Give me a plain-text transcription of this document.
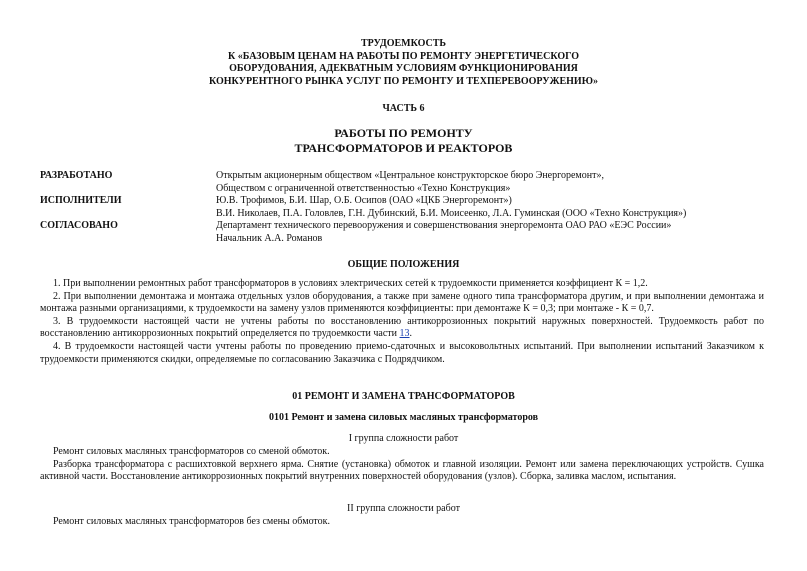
ТРУДОЕМКОСТЬ
К «БАЗОВЫМ ЦЕНАМ НА РАБОТЫ ПО РЕМОНТУ ЭНЕРГЕТИЧЕСКОГО
ОБОРУДОВАНИЯ, АДЕКВАТНЫМ УСЛОВИЯМ ФУНКЦИОНИРОВАНИЯ
КОНКУРЕНТНОГО РЫНКА УСЛУГ ПО РЕМОНТУ И ТЕХПЕРЕВООРУЖЕНИЮ»
ЧАСТЬ 6
РАБОТЫ ПО РЕМОНТУ
ТРАНСФОРМАТОРОВ И РЕАКТОРОВ
РАЗРАБОТАНО	Открытым акционерным обществом «Центральное конструкторское бюро Энергоремонт»,
Обществом с ограниченной ответственностью «Техно Конструкция»
ИСПОЛНИТЕЛИ	Ю.В. Трофимов, Б.И. Шар, О.Б. Осипов (ОАО «ЦКБ Энергоремонт»)
В.И. Николаев, П.А. Головлев, Г.Н. Дубинский, Б.И. Моисеенко, Л.А. Гуминская (ООО «Техно Конструкция»)
СОГЛАСОВАНО	Департамент технического перевооружения и совершенствования энергоремонта ОАО РАО «ЕЭС России»
Начальник А.А. Романов
ОБЩИЕ ПОЛОЖЕНИЯ

1. При выполнении ремонтных работ трансформаторов в условиях электрических сетей к трудоемкости применяется коэффициент К = 1,2.

2. При выполнении демонтажа и монтажа отдельных узлов оборудования, а также при замене одного типа трансформатора другим, и при выполнении демонтажа и монтажа разными организациями, к трудоемкости на замену узлов применяются коэффициенты: при демонтаже К = 0,3; при монтаже - К = 0,7.

3. В трудоемкости настоящей части не учтены работы по восстановлению антикоррозионных покрытий наружных поверхностей. Трудоемкость работ по восстановлению антикоррозионных покрытий определяется по трудоемкости части 13.

4. В трудоемкости настоящей части учтены работы по проведению приемо-сдаточных и высоковольтных испытаний. При выполнении испытаний Заказчиком к трудоемкости применяются скидки, определяемые по согласованию Заказчика с Подрядчиком.

01 РЕМОНТ И ЗАМЕНА ТРАНСФОРМАТОРОВ
0101 Ремонт и замена силовых масляных трансформаторов
I группа сложности работ

Ремонт силовых масляных трансформаторов со сменой обмоток.

Разборка трансформатора с расшихтовкой верхнего ярма. Снятие (установка) обмоток и главной изоляции. Ремонт или замена переключающих устройств. Сушка активной части. Восстановление антикоррозионных покрытий внутренних поверхностей оборудования (узлов). Сборка, заливка маслом, испытания.

II группа сложности работ

Ремонт силовых масляных трансформаторов без смены обмоток.
